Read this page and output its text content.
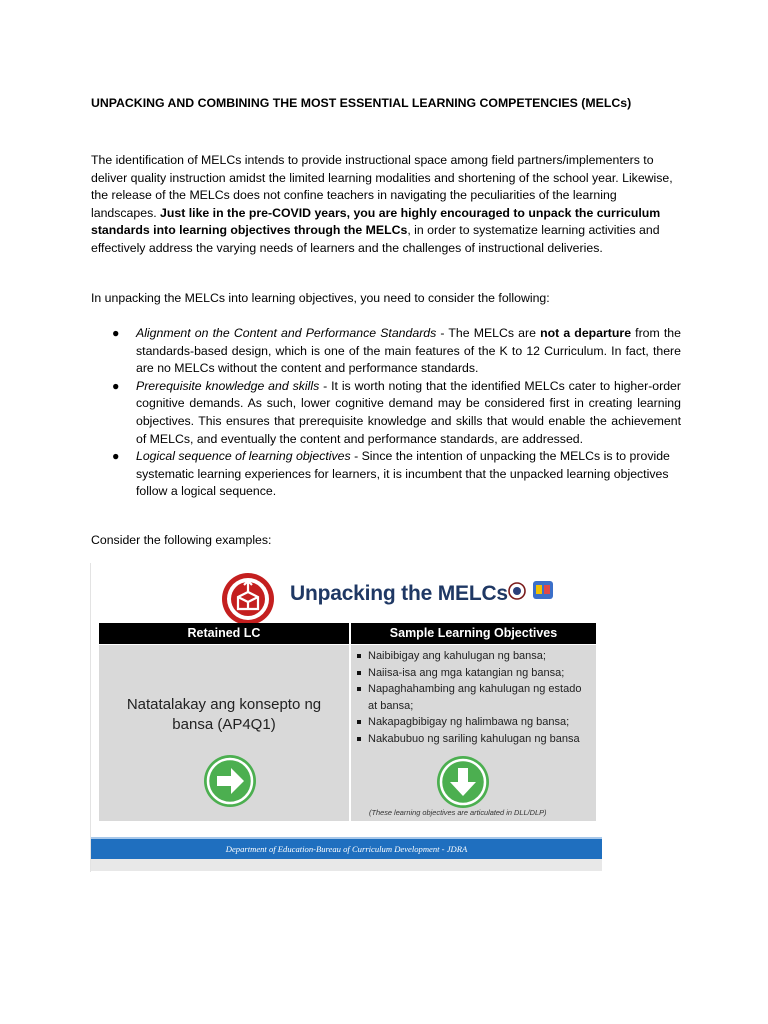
UNPACKING AND COMBINING THE MOST ESSENTIAL LEARNING COMPETENCIES (MELCs)

The identification of MELCs intends to provide instructional space among field partners/implementers to deliver quality instruction amidst the limited learning modalities and shortening of the school year. Likewise, the release of the MELCs does not confine teachers in navigating the peculiarities of the learning landscapes. Just like in the pre-COVID years, you are highly encouraged to unpack the curriculum standards into learning objectives through the MELCs, in order to systematize learning activities and effectively address the varying needs of learners and the challenges of instructional deliveries.

In unpacking the MELCs into learning objectives, you need to consider the following:

● Alignment on the Content and Performance Standards - The MELCs are not a departure from the standards-based design, which is one of the main features of the K to 12 Curriculum. In fact, there are no MELCs without the content and performance standards.
● Prerequisite knowledge and skills - It is worth noting that the identified MELCs cater to higher-order cognitive demands. As such, lower cognitive demand may be considered first in creating learning objectives. This ensures that prerequisite knowledge and skills that would enable the achievement of MELCs, and eventually the content and performance standards, are addressed.
● Logical sequence of learning objectives - Since the intention of unpacking the MELCs is to provide systematic learning experiences for learners, it is incumbent that the unpacked learning objectives follow a logical sequence.

Consider the following examples:

Unpacking the MELCs

Retained LC	Sample Learning Objectives
Natatalakay ang konsepto ng
bansa (AP4Q1)
Naibibigay ang kahulugan ng bansa;
Naiisa-isa ang mga katangian ng bansa;
Napaghahambing ang kahulugan ng estado at bansa;
Nakapagbibigay ng halimbawa ng bansa;
Nakabubuo ng sariling kahulugan ng bansa
(These learning objectives are articulated in DLL/DLP)
Department of Education-Bureau of Curriculum Development - JDRA
